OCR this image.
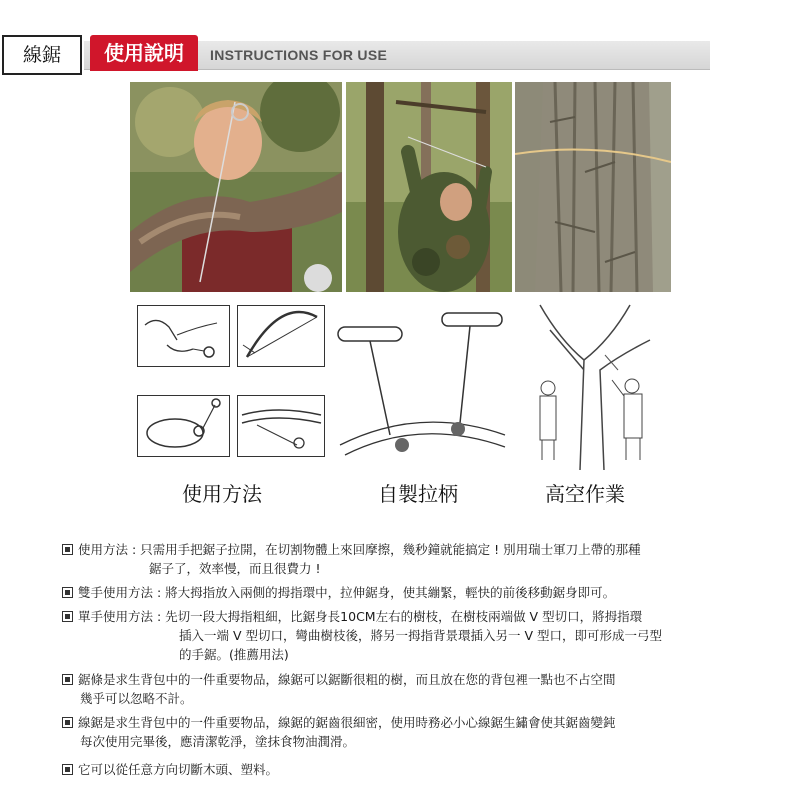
線鋸	使用說明	INSTRUCTIONS FOR USE
使用方法	自製拉柄	高空作業
使用方法 : 只需用手把鋸子拉開，在切割物體上來回摩擦，幾秒鐘就能搞定 ! 別用瑞士軍刀上帶的那種
鋸子了，效率慢，而且很費力 !
雙手使用方法 : 將大拇指放入兩側的拇指環中，拉伸鋸身，使其繃緊，輕快的前後移動鋸身即可。
單手使用方法 : 先切一段大拇指粗細，比鋸身長10CM左右的樹枝，在樹枝兩端做 V 型切口，將拇指環
插入一端 V 型切口，彎曲樹枝後，將另一拇指背景環插入另一 V 型口，即可形成一弓型
的手鋸。(推薦用法)
鋸條是求生背包中的一件重要物品，線鋸可以鋸斷很粗的樹，而且放在您的背包裡一點也不占空間
幾乎可以忽略不計。
線鋸是求生背包中的一件重要物品，線鋸的鋸齒很細密，使用時務必小心線鋸生鏽會使其鋸齒變鈍
每次使用完畢後，應清潔乾淨，塗抹食物油潤滑。
它可以從任意方向切斷木頭、塑料。
